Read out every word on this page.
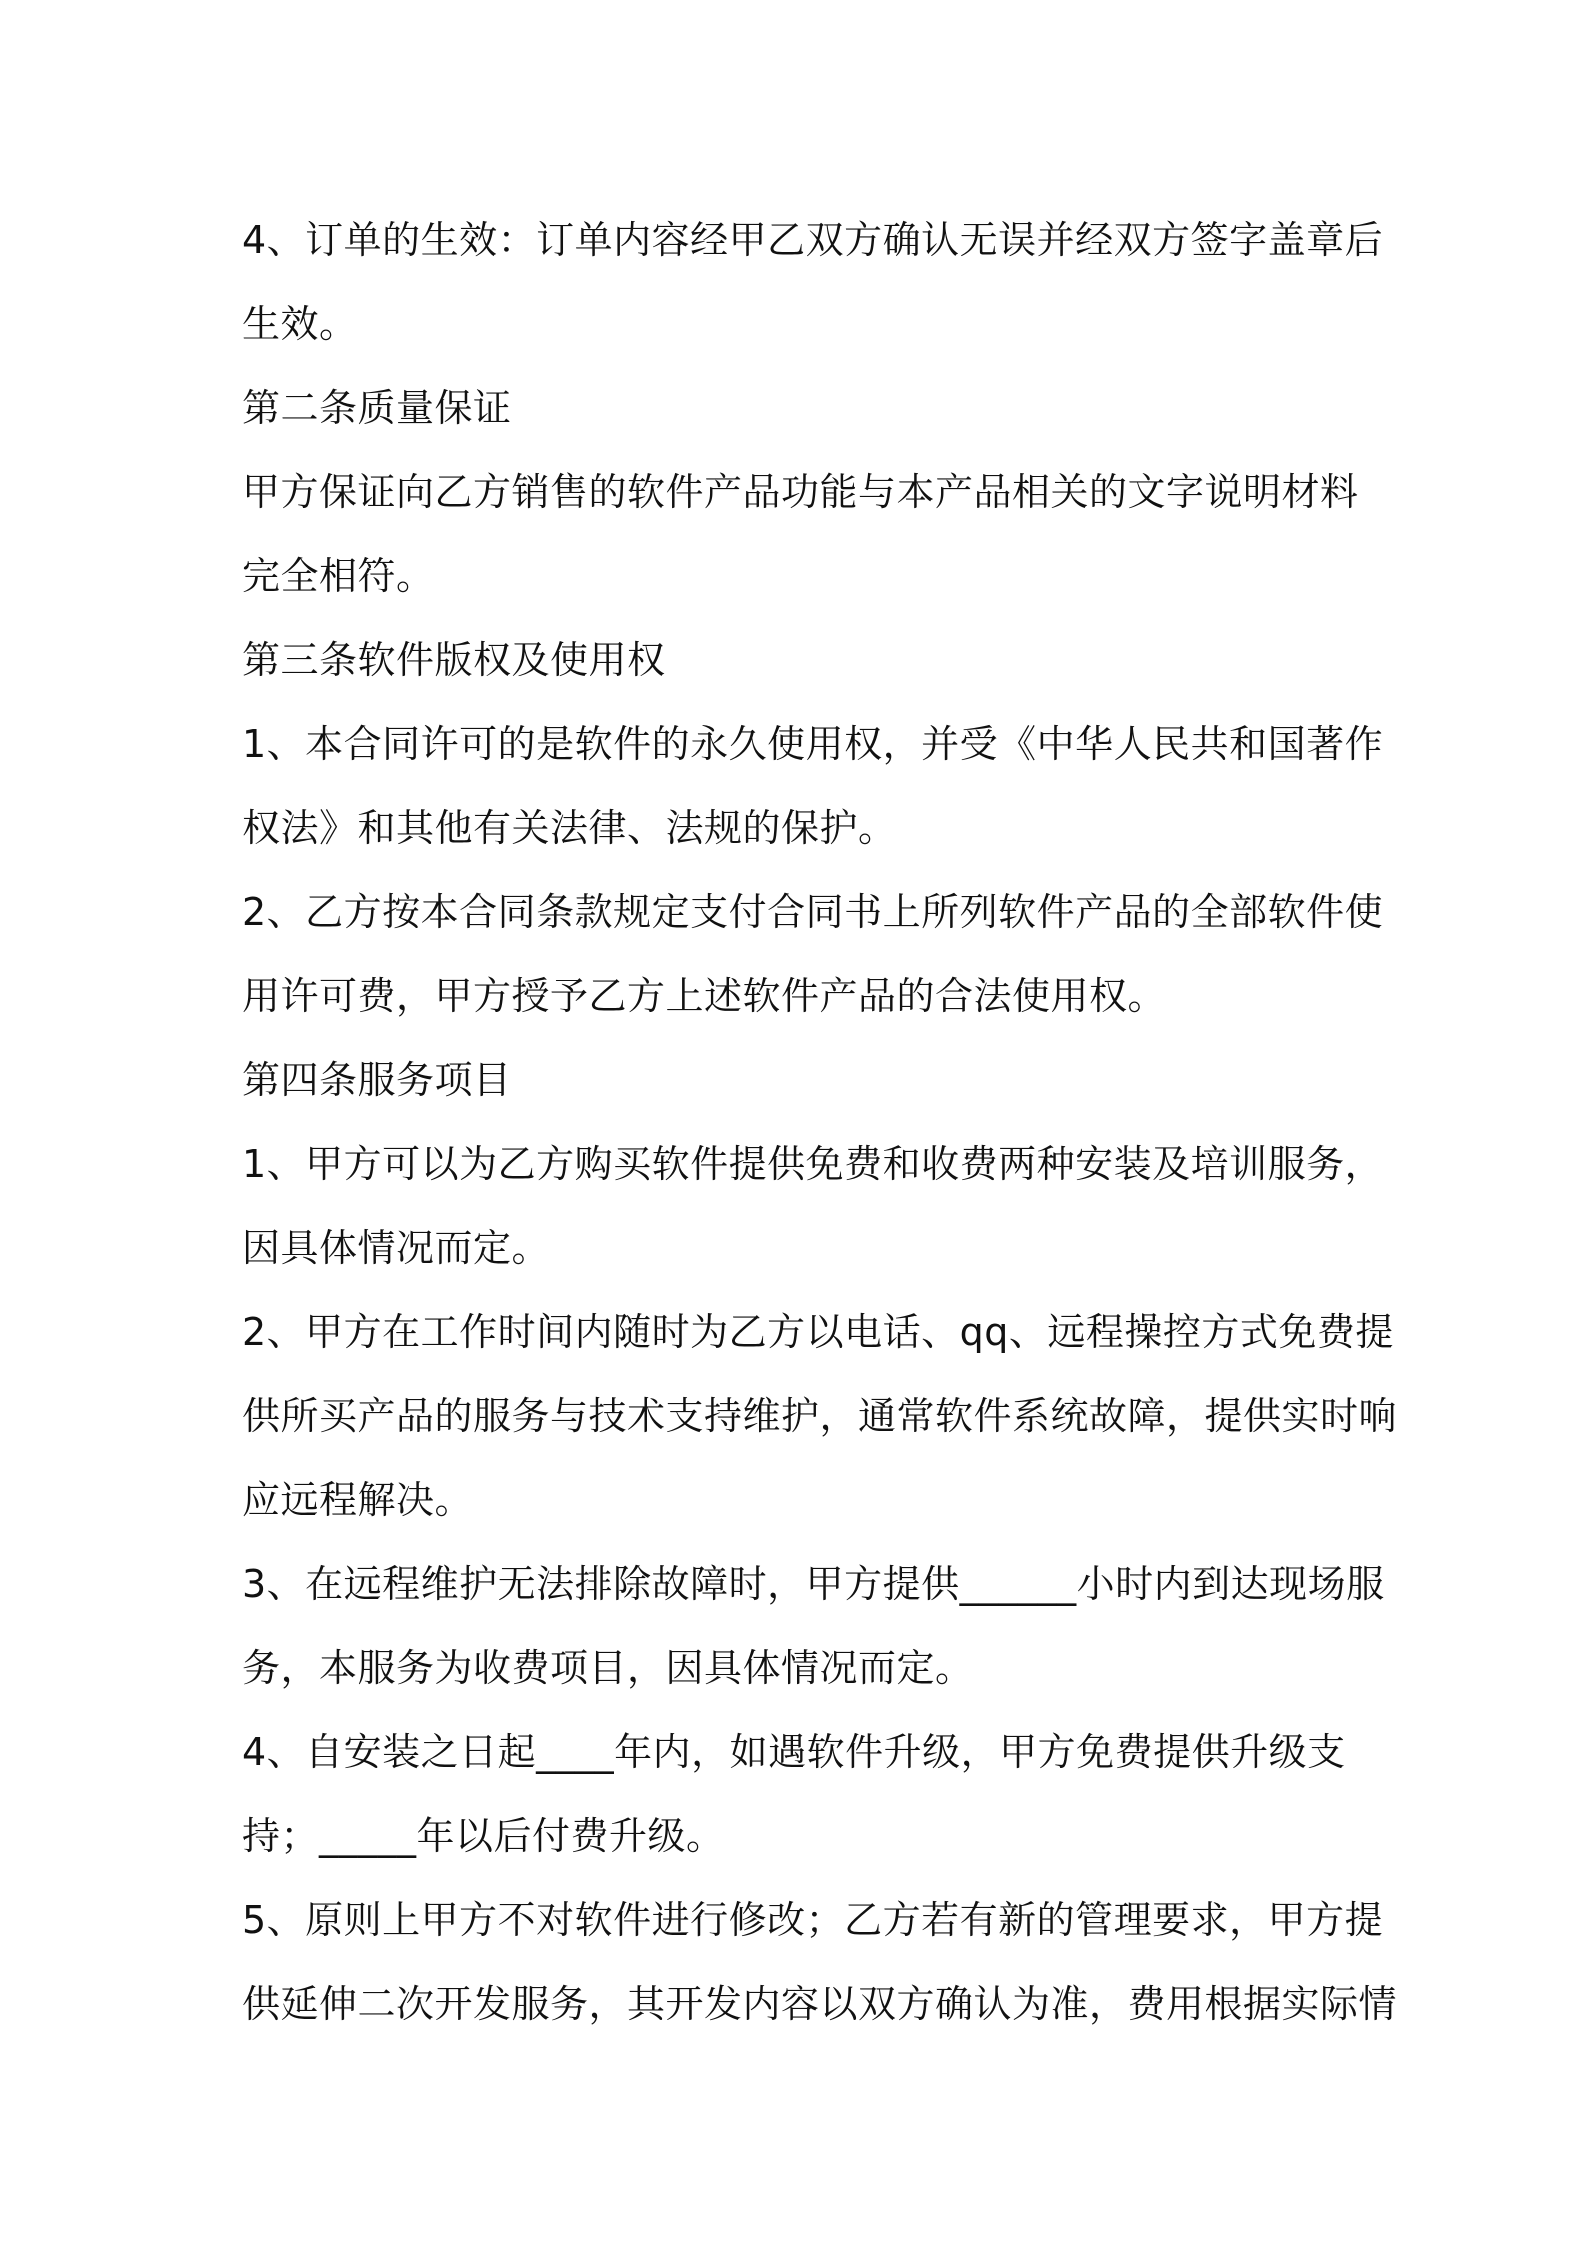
4、订单的生效：订单内容经甲乙双方确认无误并经双方签字盖章后
生效。
第二条质量保证
甲方保证向乙方销售的软件产品功能与本产品相关的文字说明材料
完全相符。
第三条软件版权及使用权
1、本合同许可的是软件的永久使用权，并受《中华人民共和国著作
权法》和其他有关法律、法规的保护。
2、乙方按本合同条款规定支付合同书上所列软件产品的全部软件使
用许可费，甲方授予乙方上述软件产品的合法使用权。
第四条服务项目
1、甲方可以为乙方购买软件提供免费和收费两种安装及培训服务，
因具体情况而定。
2、甲方在工作时间内随时为乙方以电话、qq、远程操控方式免费提
供所买产品的服务与技术支持维护，通常软件系统故障，提供实时响
应远程解决。
3、在远程维护无法排除故障时，甲方提供______小时内到达现场服
务，本服务为收费项目，因具体情况而定。
4、自安装之日起____年内，如遇软件升级，甲方免费提供升级支
持；_____年以后付费升级。
5、原则上甲方不对软件进行修改；乙方若有新的管理要求，甲方提
供延伸二次开发服务，其开发内容以双方确认为准，费用根据实际情
